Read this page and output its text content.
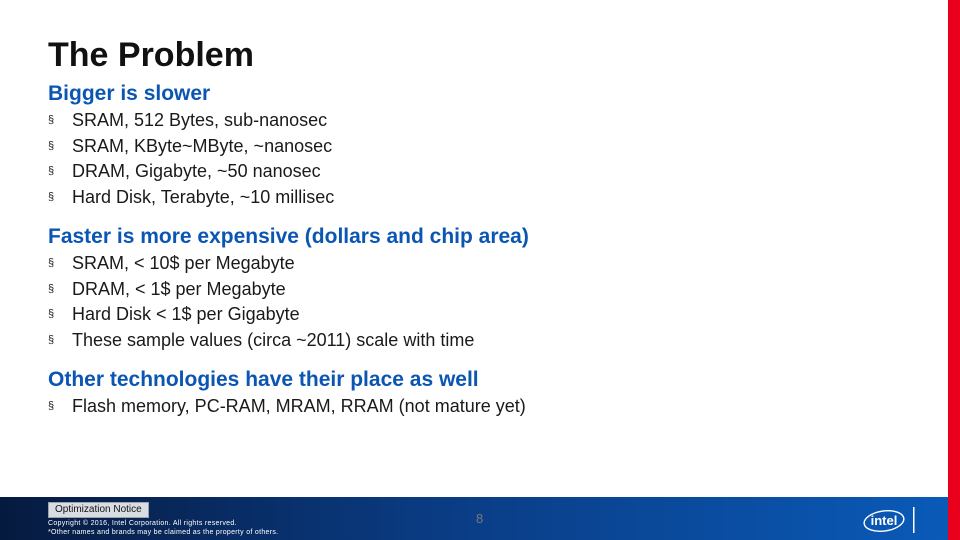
The Problem
Bigger is slower
§ SRAM, 512 Bytes, sub-nanosec
§ SRAM, KByte~MByte, ~nanosec
§ DRAM, Gigabyte, ~50 nanosec
§ Hard Disk, Terabyte, ~10 millisec
Faster is more expensive (dollars and chip area)
§ SRAM, < 10$ per Megabyte
§ DRAM, < 1$ per Megabyte
§ Hard Disk < 1$ per Gigabyte
§ These sample values (circa ~2011) scale with time
Other technologies have their place as well
§ Flash memory, PC-RAM, MRAM, RRAM (not mature yet)
Optimization Notice
Copyright © 2016, Intel Corporation. All rights reserved.
*Other names and brands may be claimed as the property of others.
8	intel
